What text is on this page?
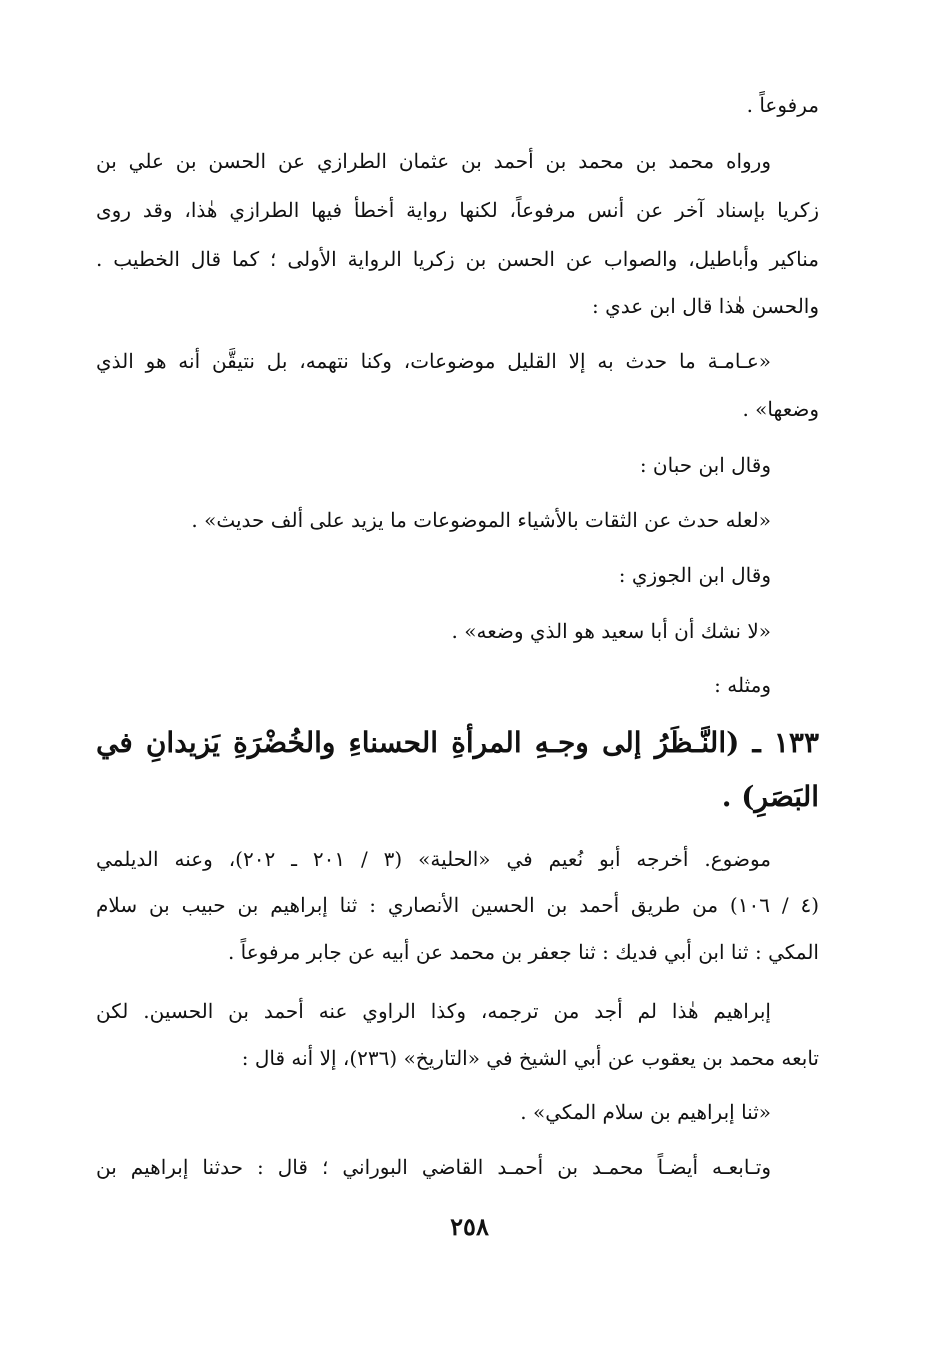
مرفوعاً .
ورواه محمد بن محمد بن أحمد بن عثمان الطرازي عن الحسن بن علي بن
زكريا بإسناد آخر عن أنس مرفوعاً، لكنها رواية أخطأ فيها الطرازي هٰذا، وقد روى
مناكير وأباطيل، والصواب عن الحسن بن زكريا الرواية الأولى ؛ كما قال الخطيب .
والحسن هٰذا قال ابن عدي :
«عـامـة ما حدث به إلا القليل موضوعات، وكنا نتهمه، بل نتيقَّن أنه هو الذي
وضعها» .
وقال ابن حبان :
«لعله حدث عن الثقات بالأشياء الموضوعات ما يزيد على ألف حديث» .
وقال ابن الجوزي :
«لا نشك أن أبا سعيد هو الذي وضعه» .
ومثله :
١٣٣ ـ (النَّـظَرُ إلى وجـهِ المرأةِ الحسناءِ والخُضْرَةِ يَزيدانِ في
البَصَرِ) .
موضوع. أخرجه أبو نُعيم في «الحلية» (٣ / ٢٠١ ـ ٢٠٢)، وعنه الديلمي
(٤ / ١٠٦) من طريق أحمد بن الحسين الأنصاري : ثنا إبراهيم بن حبيب بن سلام
المكي : ثنا ابن أبي فديك : ثنا جعفر بن محمد عن أبيه عن جابر مرفوعاً .
إبراهيم هٰذا لم أجد من ترجمه، وكذا الراوي عنه أحمد بن الحسين. لكن
تابعه محمد بن يعقوب عن أبي الشيخ في «التاريخ» (٢٣٦)، إلا أنه قال :
«ثنا إبراهيم بن سلام المكي» .
وتـابعـه أيضـاً محمـد بن أحمـد القاضي البوراني ؛ قال : حدثنا إبراهيم بن
٢٥٨
